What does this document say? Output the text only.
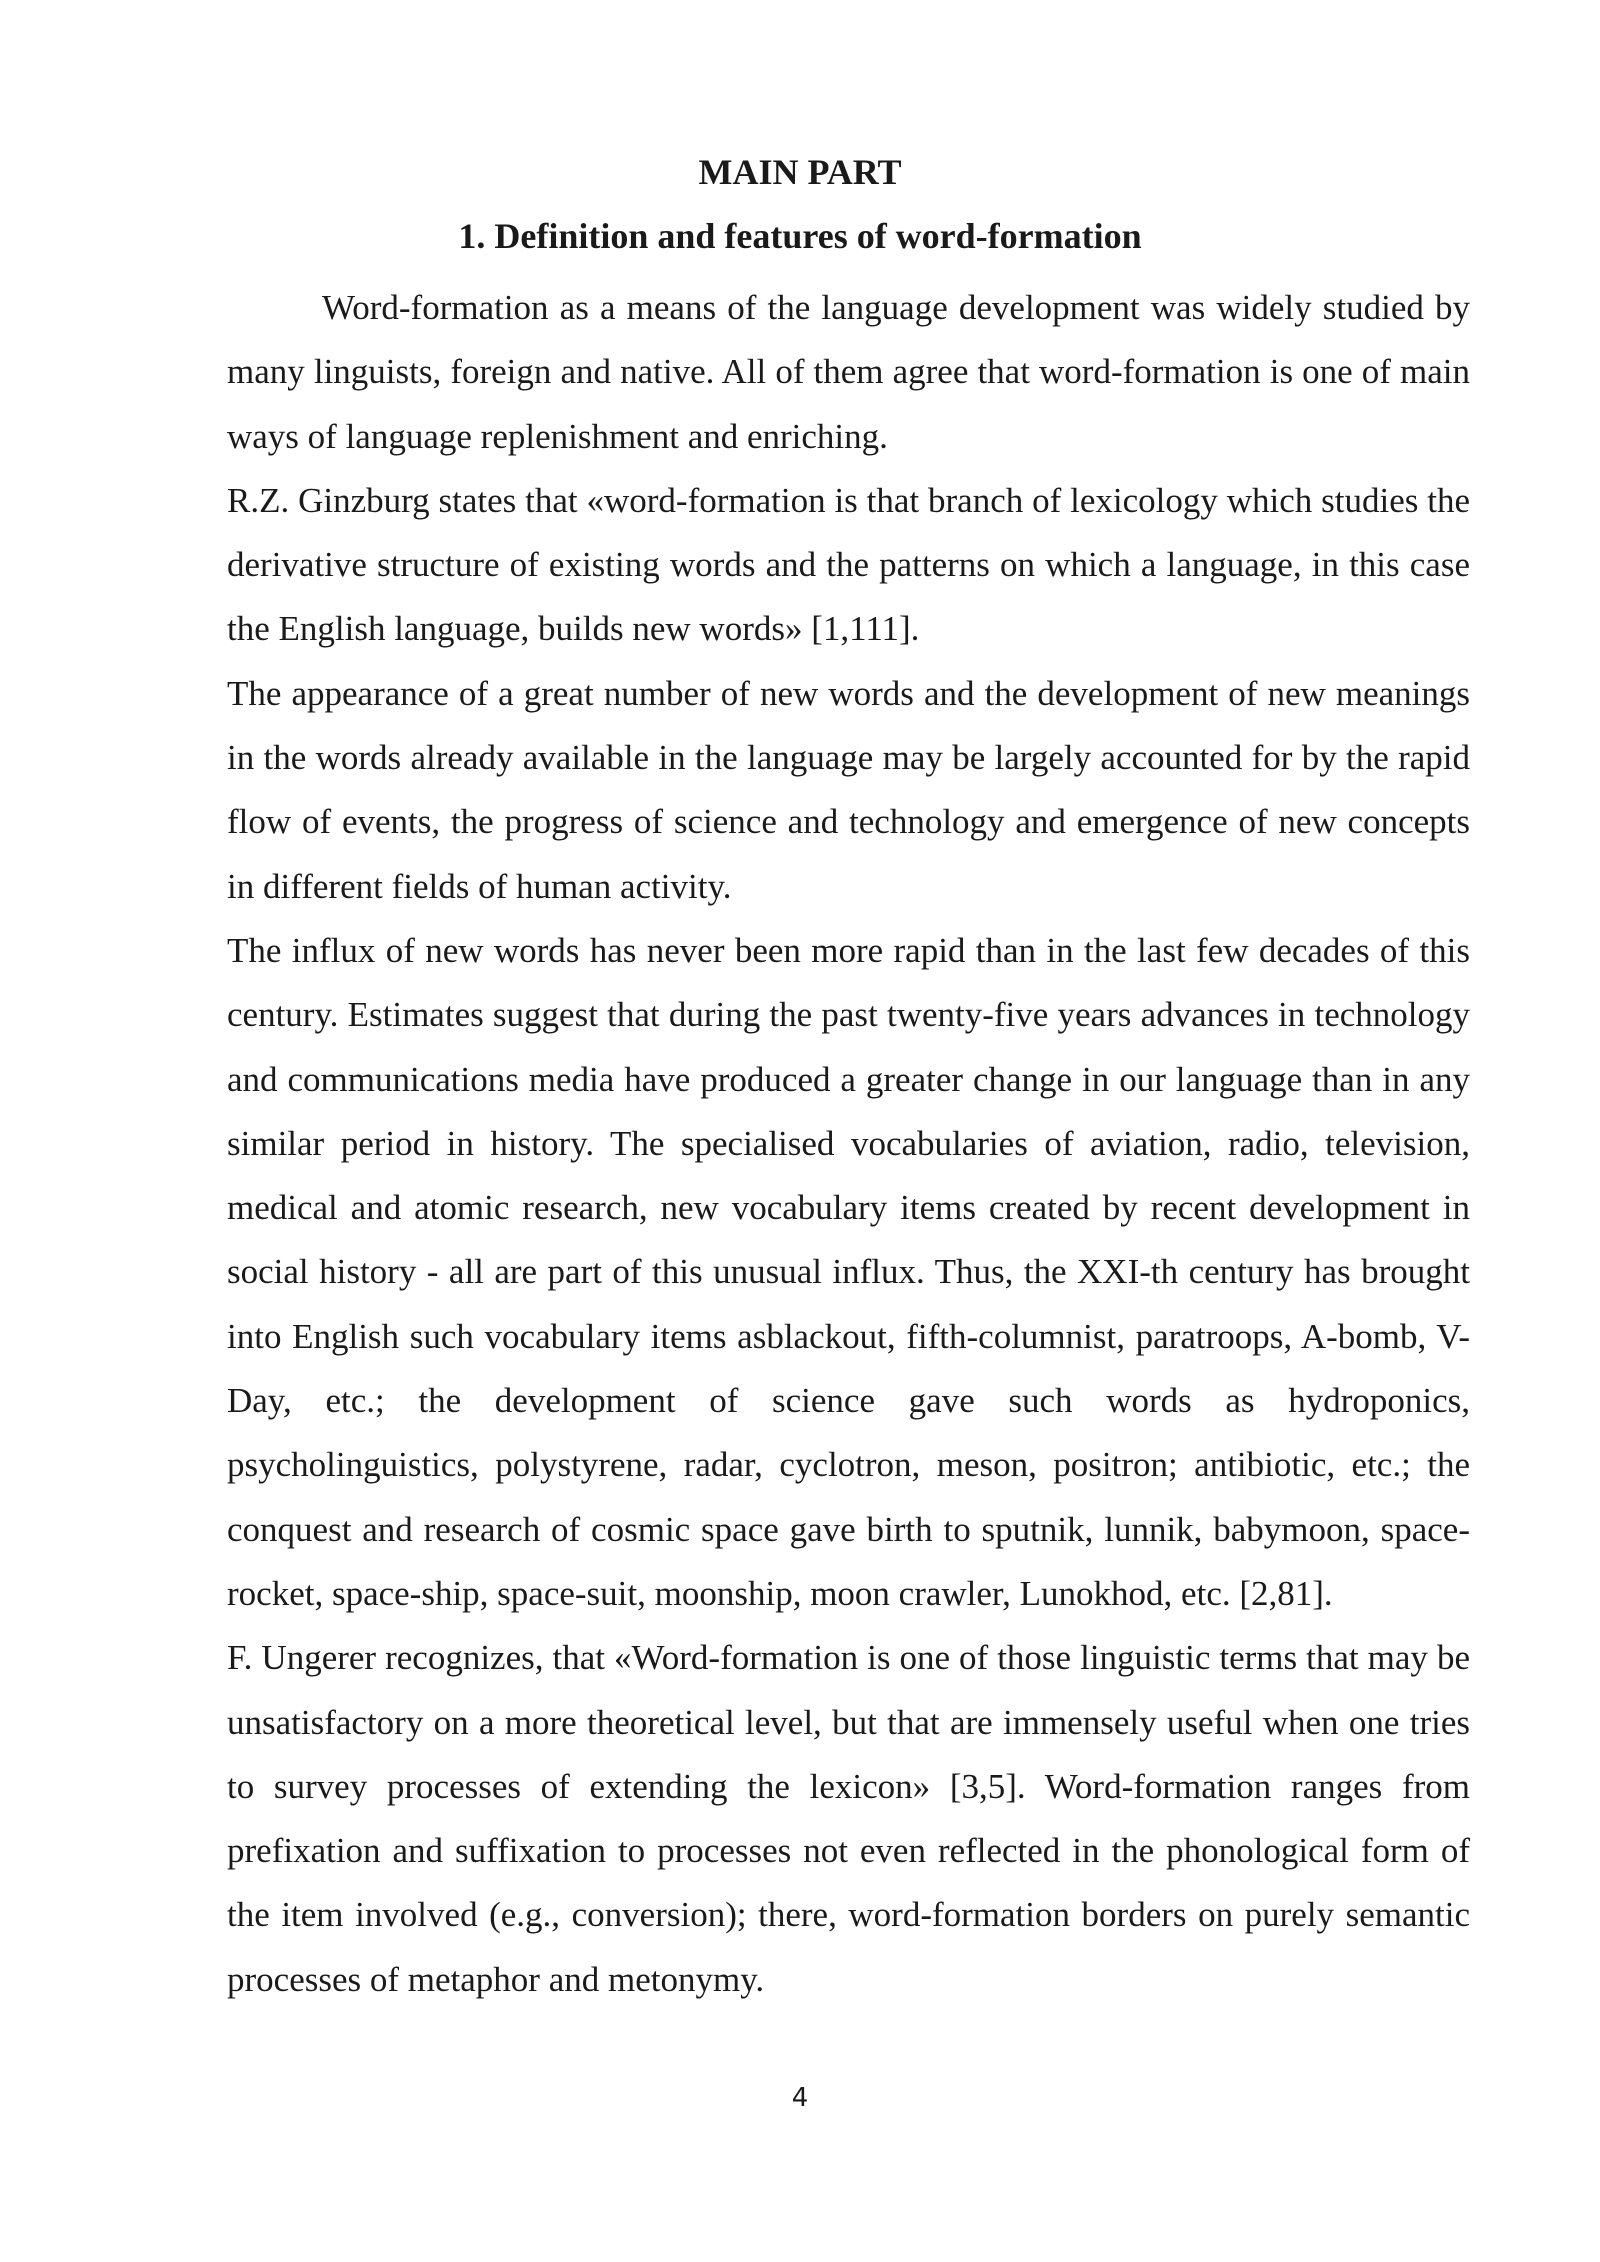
MAIN PART
1. Definition and features of word-formation

Word-formation as a means of the language development was widely studied by many linguists, foreign and native. All of them agree that word-formation is one of main ways of language replenishment and enriching.

R.Z. Ginzburg states that «word-formation is that branch of lexicology which studies the derivative structure of existing words and the patterns on which a language, in this case the English language, builds new words» [1,111].

The appearance of a great number of new words and the development of new meanings in the words already available in the language may be largely accounted for by the rapid flow of events, the progress of science and technology and emergence of new concepts in different fields of human activity.

The influx of new words has never been more rapid than in the last few decades of this century. Estimates suggest that during the past twenty-five years advances in technology and communications media have produced a greater change in our language than in any similar period in history. The specialised vocabularies of aviation, radio, television, medical and atomic research, new vocabulary items created by recent development in social history - all are part of this unusual influx. Thus, the XXI-th century has brought into English such vocabulary items asblackout, fifth-columnist, paratroops, A-bomb, V-Day, etc.; the development of science gave such words as hydroponics, psycholinguistics, polystyrene, radar, cyclotron, meson, positron; antibiotic, etc.; the conquest and research of cosmic space gave birth to sputnik, lunnik, babymoon, space-rocket, space-ship, space-suit, moonship, moon crawler, Lunokhod, etc. [2,81].

F. Ungerer recognizes, that «Word-formation is one of those linguistic terms that may be unsatisfactory on a more theoretical level, but that are immensely useful when one tries to survey processes of extending the lexicon» [3,5]. Word-formation ranges from prefixation and suffixation to processes not even reflected in the phonological form of the item involved (e.g., conversion); there, word-formation borders on purely semantic processes of metaphor and metonymy.

4
